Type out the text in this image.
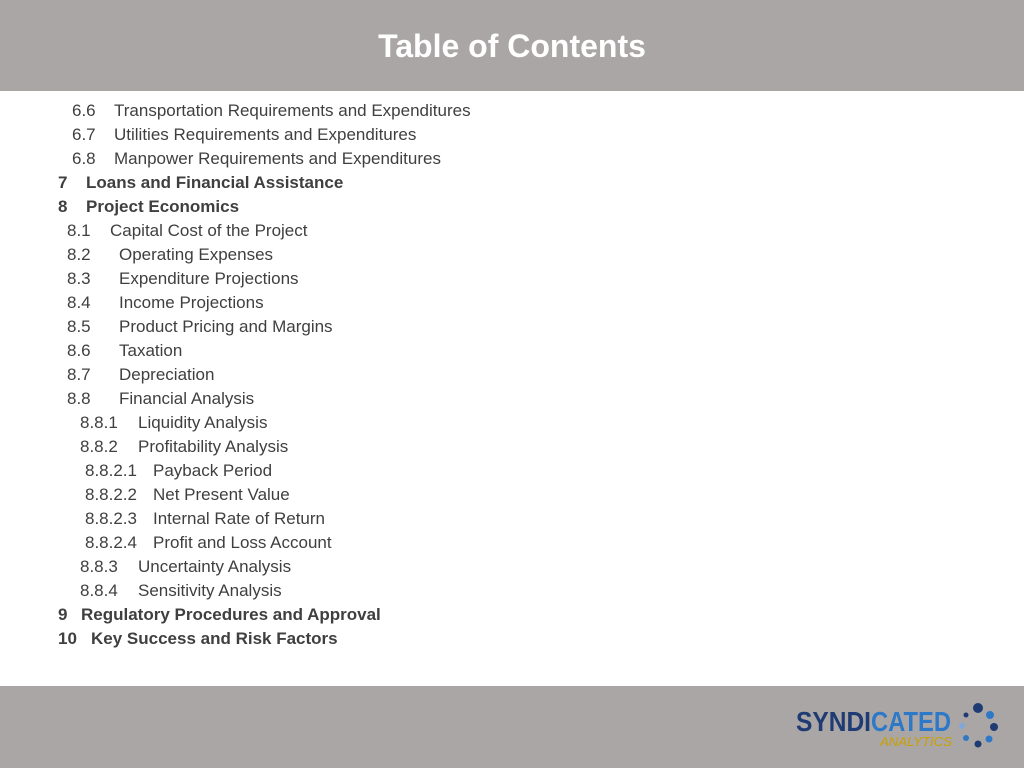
Table of Contents
6.6 Transportation Requirements and Expenditures
6.7 Utilities Requirements and Expenditures
6.8 Manpower Requirements and Expenditures
7 Loans and Financial Assistance
8 Project Economics
8.1 Capital Cost of the Project
8.2 Operating Expenses
8.3 Expenditure Projections
8.4 Income Projections
8.5 Product Pricing and Margins
8.6 Taxation
8.7 Depreciation
8.8 Financial Analysis
8.8.1 Liquidity Analysis
8.8.2 Profitability Analysis
8.8.2.1 Payback Period
8.8.2.2 Net Present Value
8.8.2.3 Internal Rate of Return
8.8.2.4 Profit and Loss Account
8.8.3 Uncertainty Analysis
8.8.4 Sensitivity Analysis
9 Regulatory Procedures and Approval
10 Key Success and Risk Factors
SYNDI CATED
ANALYTICS
